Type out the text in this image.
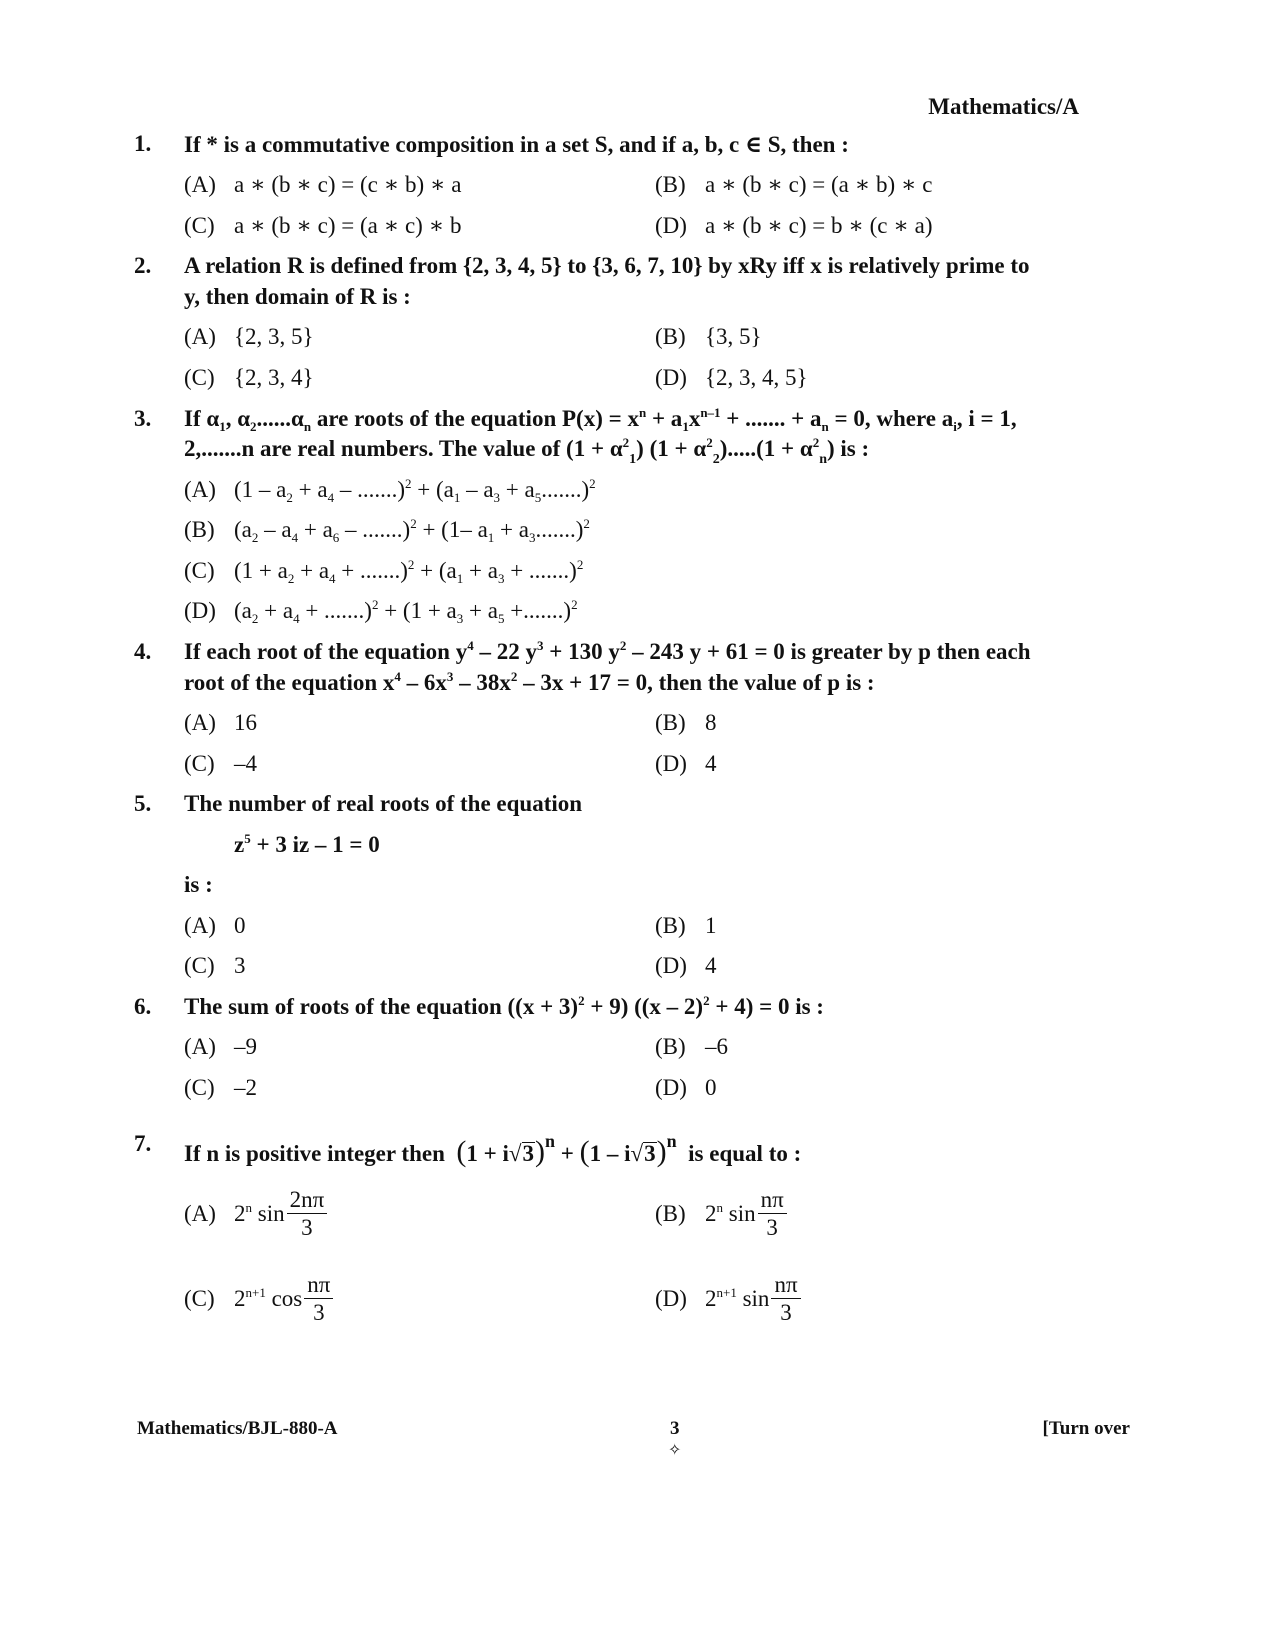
Mathematics/A
1. If * is a commutative composition in a set S, and if a, b, c ∈ S, then :
(A) a ∗ (b ∗ c) = (c ∗ b) ∗ a	(B) a ∗ (b ∗ c) = (a ∗ b) ∗ c
(C) a ∗ (b ∗ c) = (a ∗ c) ∗ b	(D) a ∗ (b ∗ c) = b ∗ (c ∗ a)
2. A relation R is defined from {2, 3, 4, 5} to {3, 6, 7, 10} by xRy iff x is relatively prime to
y, then domain of R is :
(A) {2, 3, 5}	(B) {3, 5}
(C) {2, 3, 4}	(D) {2, 3, 4, 5}
3. If $\alpha_1$, $\alpha_2......\alpha_n$ are roots of the equation $P(x) = x^n + a_1x^{n-1}$ + ....... + $a_n = 0$, where $a_i$, i = 1,
2,.......n are real numbers. The value of $(1 + \alpha^2_1)$ $(1 + \alpha^2_2).....(1 + \alpha^2_n)$ is :
(A) $(1 - a_2 + a_4 - .......)^2 + (a_1 - a_3 + a_5.......)^2$
(B) $(a_2 - a_4 + a_6 - .......)^2 + (1-$ $a_1 + a_3.......)^2$
(C) $(1 + a_2 + a_4 + .......)^2 + (a_1 + a_3 + .......)^2$
(D) $(a_2 + a_4 + .......)^2 + (1 + a_3 + a_5 +.......)^2$
4. If each root of the equation $y^4 - 22$ $y^3 + 130$ $y^2 - 243$ y + 61 = 0 is greater by p then each
root of the equation $x^4 - 6x^3 - 38x^2 - 3x + 17 = 0$, then the value of p is :
(A) 16	(B) 8
(C) –4	(D) 4
5. The number of real roots of the equation
$z^5 + 3$ iz – 1 = 0
is :
(A) 0	(B) 1
(C) 3	(D) 4
6. The sum of roots of the equation $((x + 3)^2 + 9)$ ((x – 2)$^2$ + 4) = 0 is :
(A) –9	(B) –6
(C) –2	(D) 0
7. If n is positive integer then $(1 + i√3)^n + (1 - i√3)^n$ is equal to :
(A) 2$^n$ $\sin \frac{2n\pi}{3}$	(B) 2$^n$ $\sin \frac{n\pi}{3}$
(C) $2^{n+1}$ $\cos \frac{n\pi}{3}$	(D) $2^{n+1}$ $\sin \frac{n\pi}{3}$
Mathematics/BJL-880-A	3
✧
[Turn over
